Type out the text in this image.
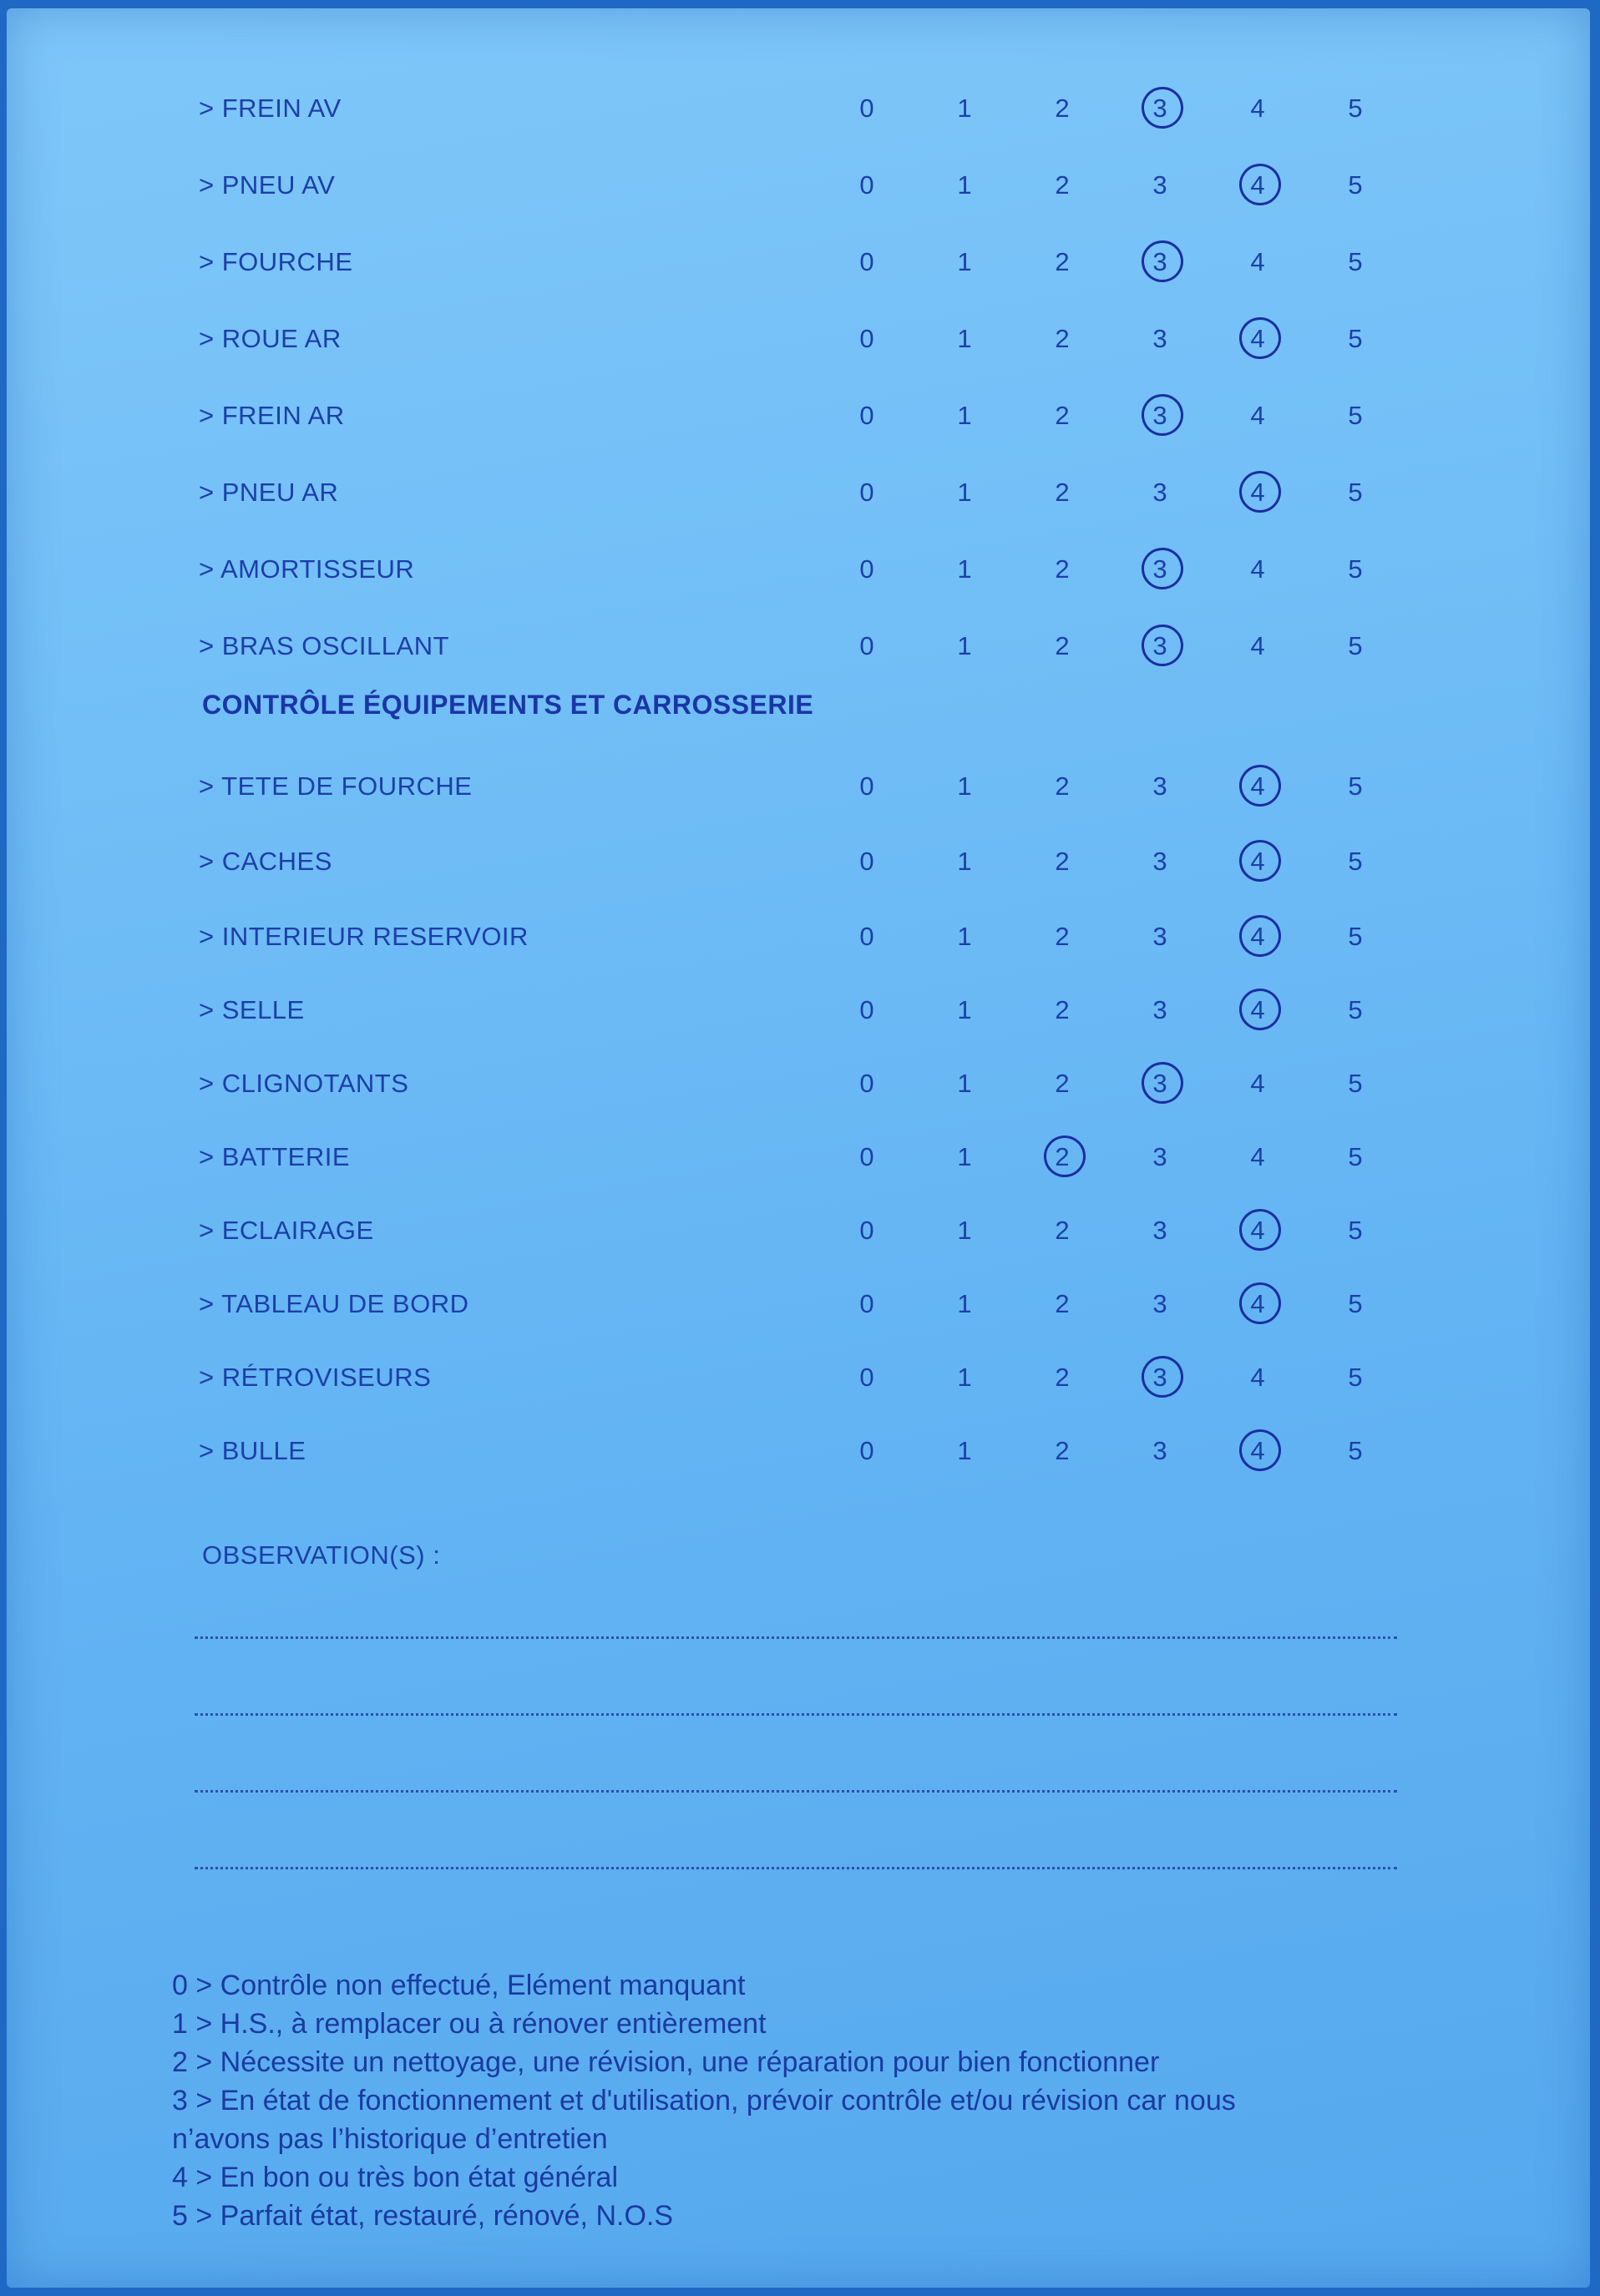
> FREIN AV	0	1	2	3	4	5
> PNEU AV	0	1	2	3	4	5
> FOURCHE	0	1	2	3	4	5
> ROUE AR	0	1	2	3	4	5
> FREIN AR	0	1	2	3	4	5
> PNEU AR	0	1	2	3	4	5
> AMORTISSEUR	0	1	2	3	4	5
> BRAS OSCILLANT	0	1	2	3	4	5
> TETE DE FOURCHE	0	1	2	3	4	5
> CACHES	0	1	2	3	4	5
> INTERIEUR RESERVOIR	0	1	2	3	4	5
> SELLE	0	1	2	3	4	5
> CLIGNOTANTS	0	1	2	3	4	5
> BATTERIE	0	1	2	3	4	5
> ECLAIRAGE	0	1	2	3	4	5
> TABLEAU DE BORD	0	1	2	3	4	5
> RÉTROVISEURS	0	1	2	3	4	5
> BULLE	0	1	2	3	4	5
CONTRÔLE ÉQUIPEMENTS ET CARROSSERIE
OBSERVATION(S) :

0 > Contrôle non effectué, Elément manquant

1 > H.S., à remplacer ou à rénover entièrement

2 > Nécessite un nettoyage, une révision, une réparation pour bien fonctionner

3 > En état de fonctionnement et d'utilisation, prévoir contrôle et/ou révision car nous

n’avons pas l’historique d’entretien

4 > En bon ou très bon état général

5 > Parfait état, restauré, rénové, N.O.S
